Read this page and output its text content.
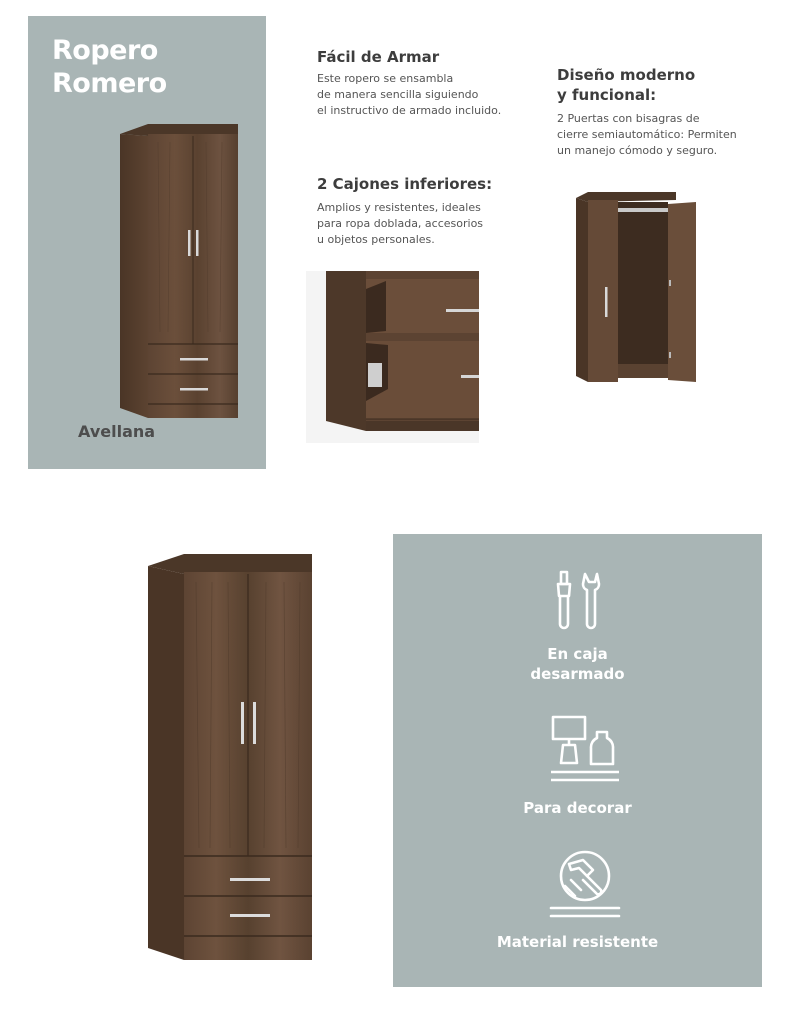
Ropero
Romero
Avellana
Fácil de Armar
Este ropero se ensambla
de manera sencilla siguiendo
el instructivo de armado incluido.
Diseño moderno
y funcional:
2 Puertas con bisagras de
cierre semiautomático: Permiten
un manejo cómodo y seguro.
2 Cajones inferiores:
Amplios y resistentes, ideales
para ropa doblada, accesorios
u objetos personales.
En caja
desarmado
Para decorar
Material resistente
